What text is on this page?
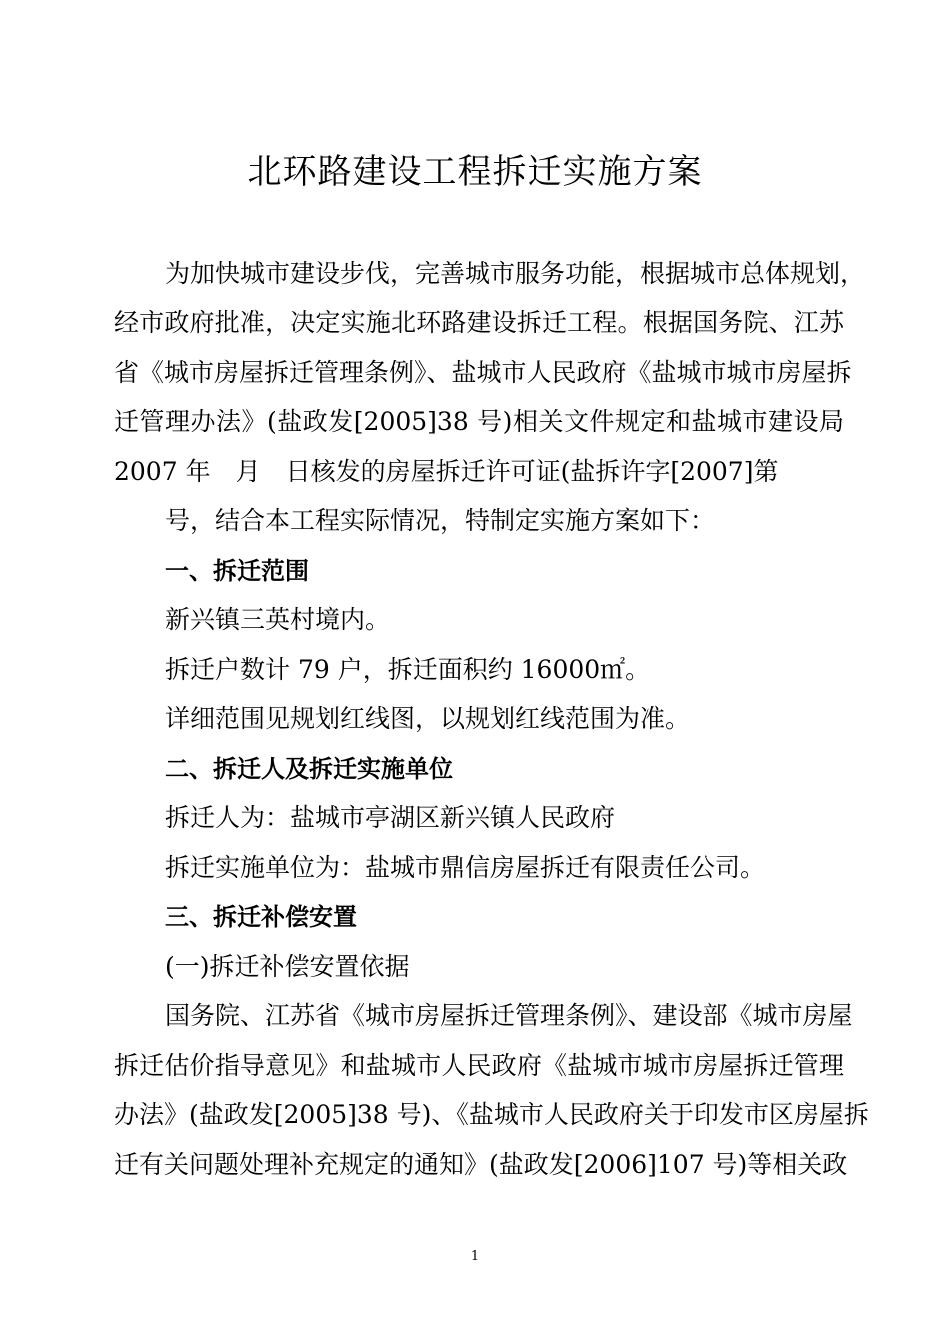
北环路建设工程拆迁实施方案
为加快城市建设步伐，完善城市服务功能，根据城市总体规划，
经市政府批准，决定实施北环路建设拆迁工程。根据国务院、江苏
省《城市房屋拆迁管理条例》、盐城市人民政府《盐城市城市房屋拆
迁管理办法》(盐政发[2005]38 号)相关文件规定和盐城市建设局
2007 年　月　日核发的房屋拆迁许可证(盐拆许字[2007]第
号，结合本工程实际情况，特制定实施方案如下：
一、拆迁范围
新兴镇三英村境内。
拆迁户数计 79 户，拆迁面积约 16000㎡。
详细范围见规划红线图，以规划红线范围为准。
二、拆迁人及拆迁实施单位
拆迁人为：盐城市亭湖区新兴镇人民政府
拆迁实施单位为：盐城市鼎信房屋拆迁有限责任公司。
三、拆迁补偿安置
(一)拆迁补偿安置依据
国务院、江苏省《城市房屋拆迁管理条例》、建设部《城市房屋
拆迁估价指导意见》和盐城市人民政府《盐城市城市房屋拆迁管理
办法》(盐政发[2005]38 号)、《盐城市人民政府关于印发市区房屋拆
迁有关问题处理补充规定的通知》(盐政发[2006]107 号)等相关政
1
